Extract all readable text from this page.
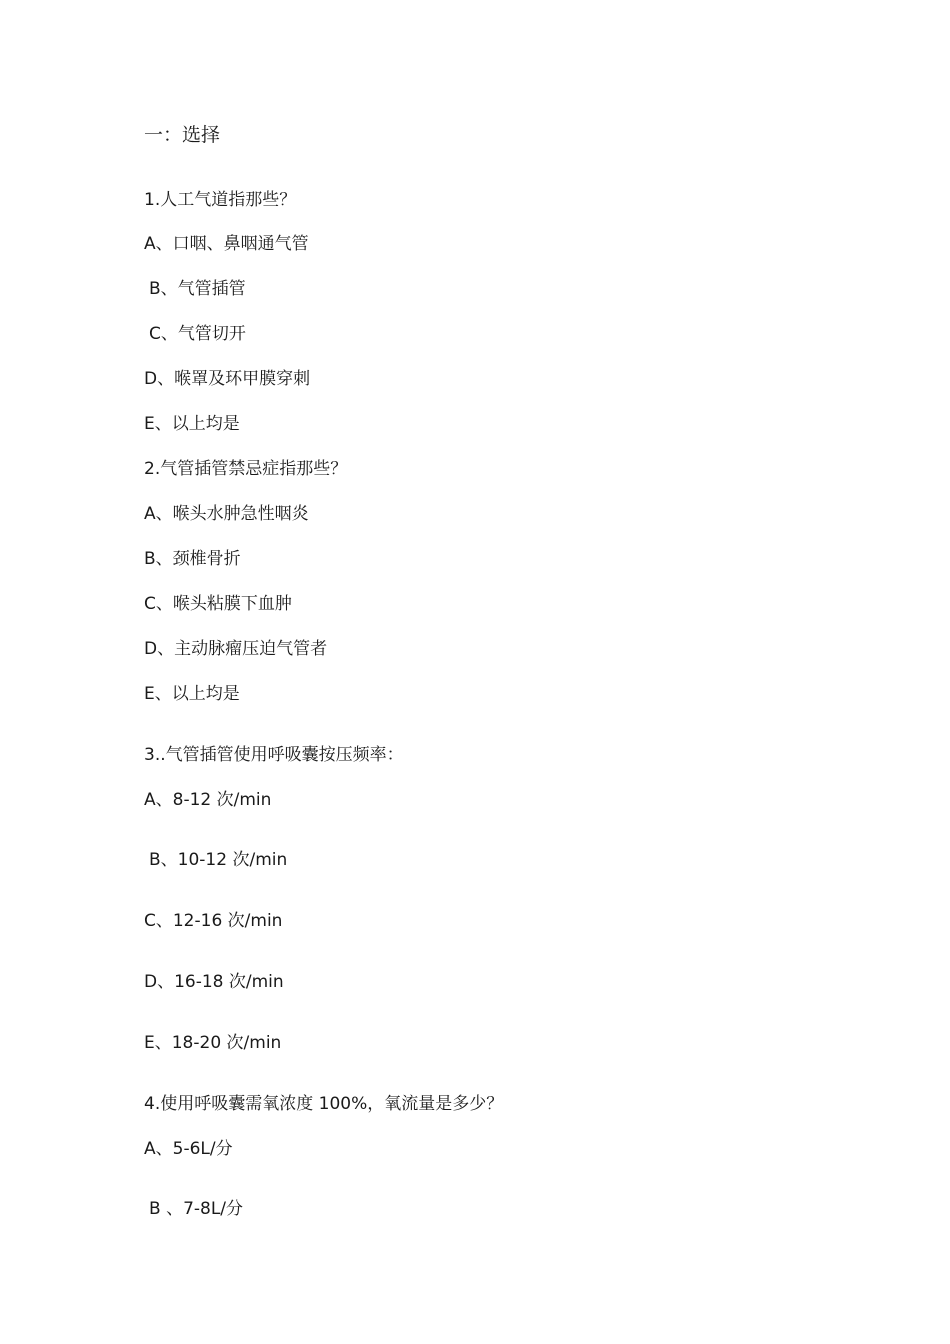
一：选择
1.人工气道指那些？
A、口咽、鼻咽通气管
B、气管插管
C、气管切开
D、喉罩及环甲膜穿刺
E、以上均是
2.气管插管禁忌症指那些？
A、喉头水肿急性咽炎
B、颈椎骨折
C、喉头粘膜下血肿
D、主动脉瘤压迫气管者
E、以上均是
3..气管插管使用呼吸囊按压频率：
A、8-12 次/min
B、10-12 次/min
C、12-16 次/min
D、16-18 次/min
E、18-20 次/min
4.使用呼吸囊需氧浓度 100%，氧流量是多少？
A、5-6L/分
B 、7-8L/分
